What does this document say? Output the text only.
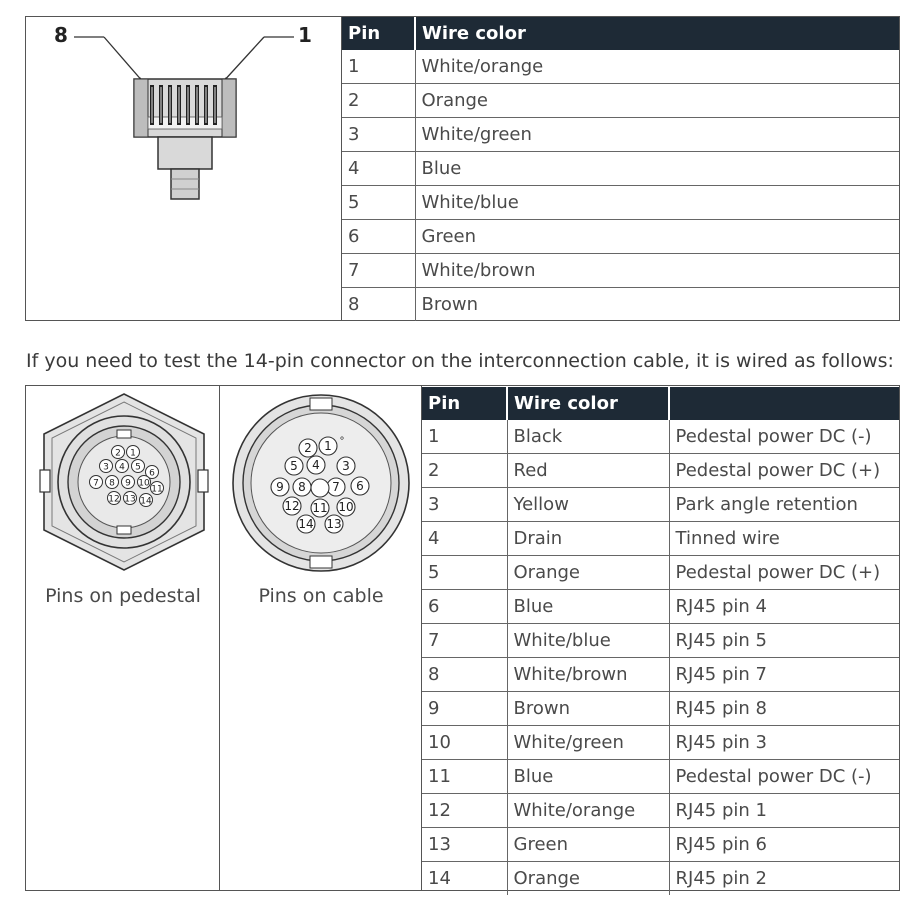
8	1 Pin	Wire color
1	White/orange
2	Orange
3	White/green
4	Blue
5	White/blue
6	Green
7	White/brown
8	Brown
If you need to test the 14-pin connector on the interconnection cable, it is wired as follows:
2 1
3 4 5
6
7 8 9 10
11
12 13 14
Pins on pedestal
1
2
3
4
5
6
7
8
9
10
11
12
13
14
°
Pins on cable
Pin	Wire color	
1	Black	Pedestal power DC (-)
2	Red	Pedestal power DC (+)
3	Yellow	Park angle retention
4	Drain	Tinned wire
5	Orange	Pedestal power DC (+)
6	Blue	RJ45 pin 4
7	White/blue	RJ45 pin 5
8	White/brown	RJ45 pin 7
9	Brown	RJ45 pin 8
10	White/green	RJ45 pin 3
11	Blue	Pedestal power DC (-)
12	White/orange	RJ45 pin 1
13	Green	RJ45 pin 6
14	Orange	RJ45 pin 2
